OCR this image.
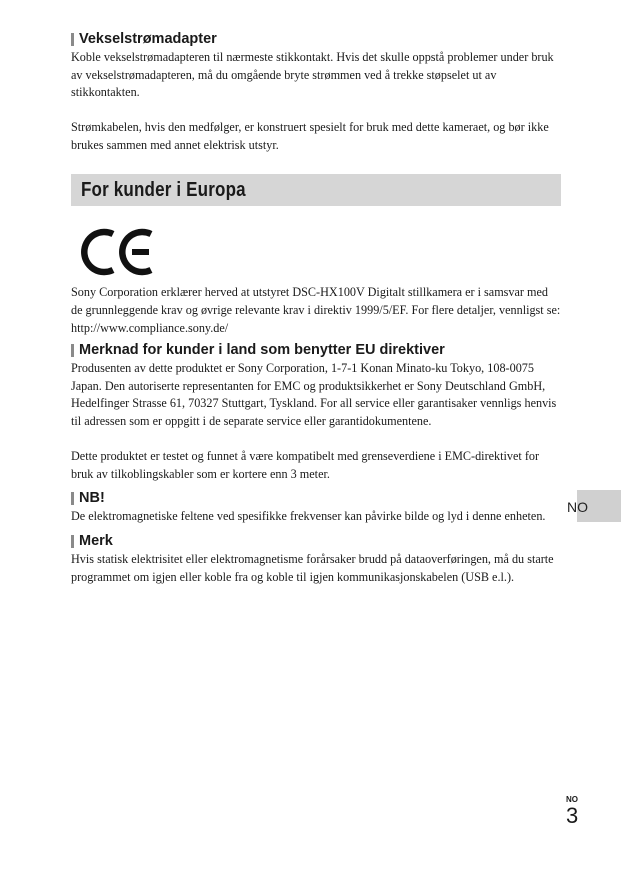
Vekselstrømadapter

Koble vekselstrømadapteren til nærmeste stikkontakt. Hvis det skulle oppstå problemer under bruk av vekselstrømadapteren, må du omgående bryte strømmen ved å trekke støpselet ut av stikkontakten.

Strømkabelen, hvis den medfølger, er konstruert spesielt for bruk med dette kameraet, og bør ikke brukes sammen med annet elektrisk utstyr.

For kunder i Europa

Sony Corporation erklærer herved at utstyret DSC-HX100V Digitalt stillkamera er i samsvar med de grunnleggende krav og øvrige relevante krav i direktiv 1999/5/EF. For flere detaljer, vennligst se: http://www.compliance.sony.de/

Merknad for kunder i land som benytter EU direktiver

Produsenten av dette produktet er Sony Corporation, 1-7-1 Konan Minato-ku Tokyo, 108-0075 Japan. Den autoriserte representanten for EMC og produktsikkerhet er Sony Deutschland GmbH, Hedelfinger Strasse 61, 70327 Stuttgart, Tyskland. For all service eller garantisaker vennligs henvis til adressen som er oppgitt i de separate service eller garantidokumentene.

Dette produktet er testet og funnet å være kompatibelt med grenseverdiene i EMC-direktivet for bruk av tilkoblingskabler som er kortere enn 3 meter.

NB!

De elektromagnetiske feltene ved spesifikke frekvenser kan påvirke bilde og lyd i denne enheten.

Merk

Hvis statisk elektrisitet eller elektromagnetisme forårsaker brudd på dataoverføringen, må du starte programmet om igjen eller koble fra og koble til igjen kommunikasjonskabelen (USB e.l.).

NO
NO
3
